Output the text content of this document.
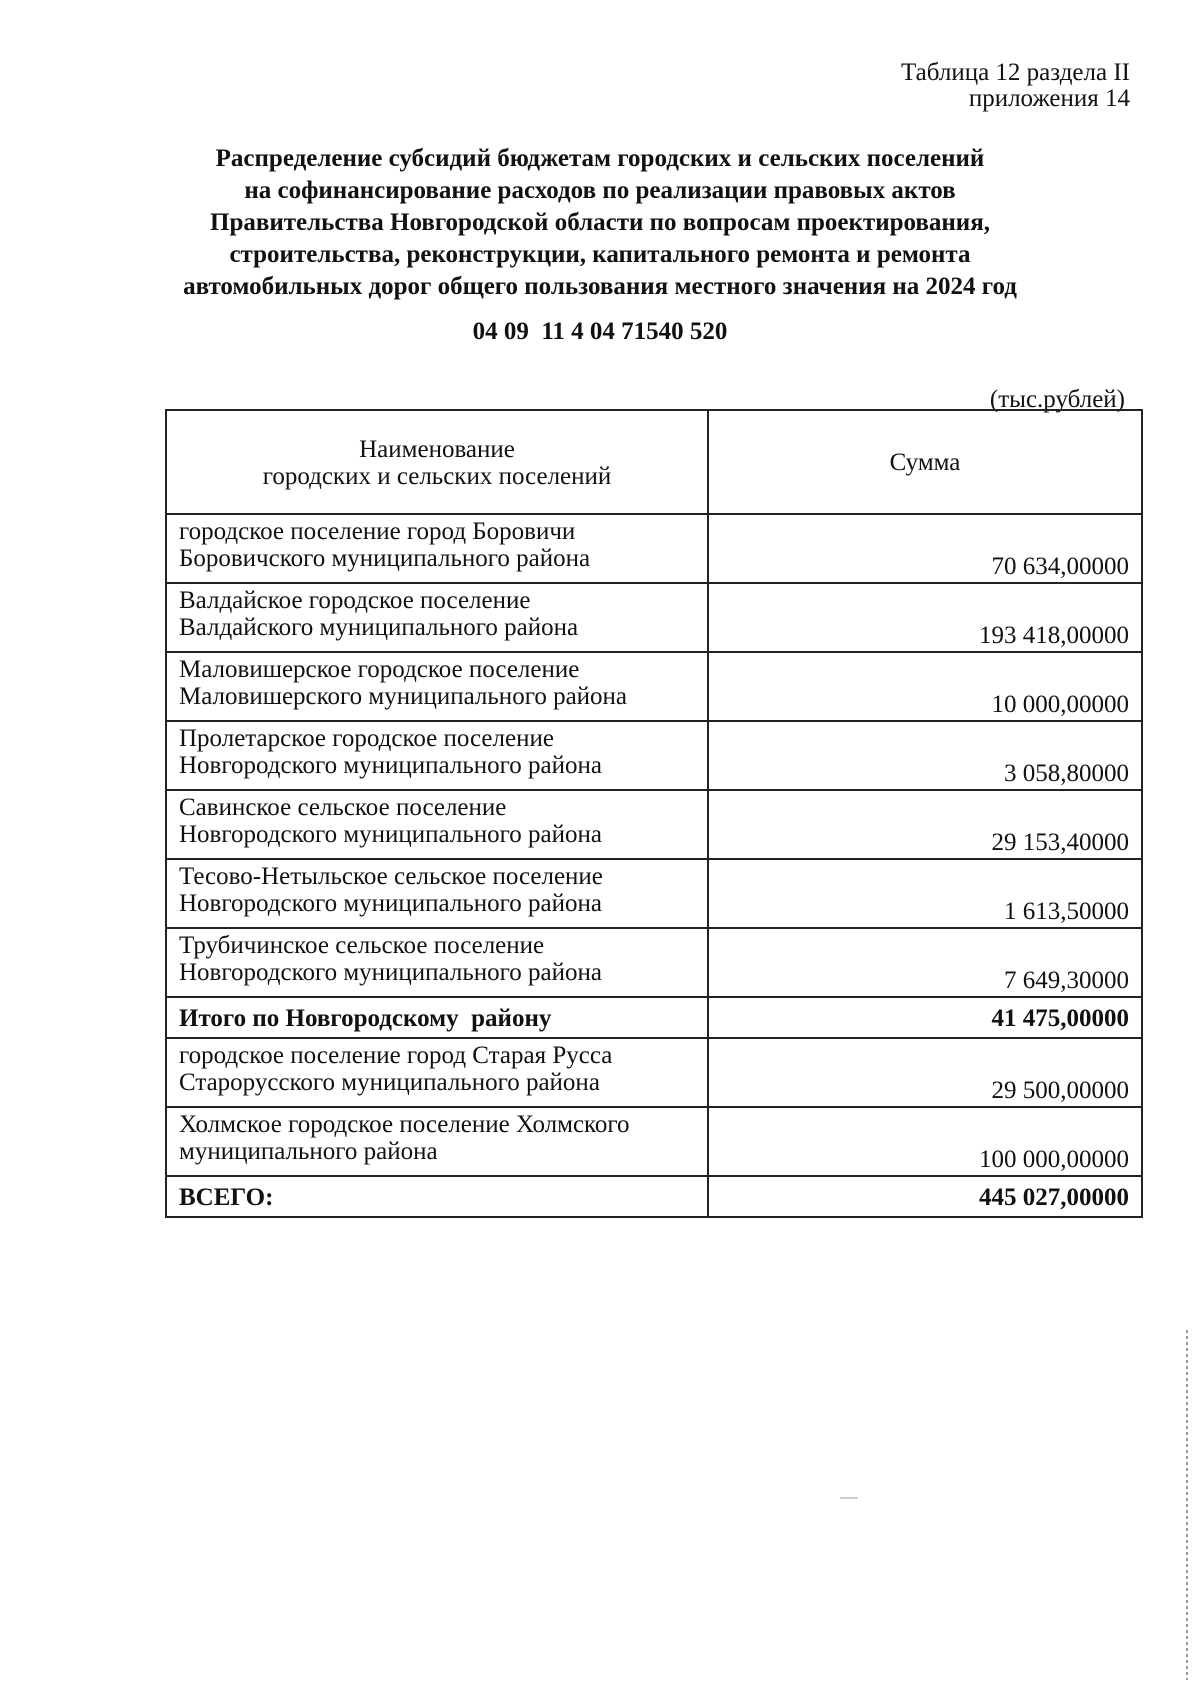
Таблица 12 раздела II
приложения 14
Распределение субсидий бюджетам городских и сельских поселений
на софинансирование расходов по реализации правовых актов
Правительства Новгородской области по вопросам проектирования,
строительства, реконструкции, капитального ремонта и ремонта
автомобильных дорог общего пользования местного значения на 2024 год
04 09  11 4 04 71540 520
(тыс.рублей)
Наименование
городских и сельских поселений	Сумма

городское поселение город Боровичи
Боровичского муниципального района	70 634,00000

Валдайское городское поселение
Валдайского муниципального района	193 418,00000

Маловишерское городское поселение
Маловишерского муниципального района	10 000,00000

Пролетарское городское поселение
Новгородского муниципального района	3 058,80000

Савинское сельское поселение
Новгородского муниципального района	29 153,40000

Тесово-Нетыльское сельское поселение
Новгородского муниципального района	1 613,50000

Трубичинское сельское поселение
Новгородского муниципального района	7 649,30000
Итого по Новгородскому  району	41 475,00000

городское поселение город Старая Русса
Старорусского муниципального района	29 500,00000

Холмское городское поселение Холмского
муниципального района	100 000,00000
ВСЕГО:	445 027,00000
